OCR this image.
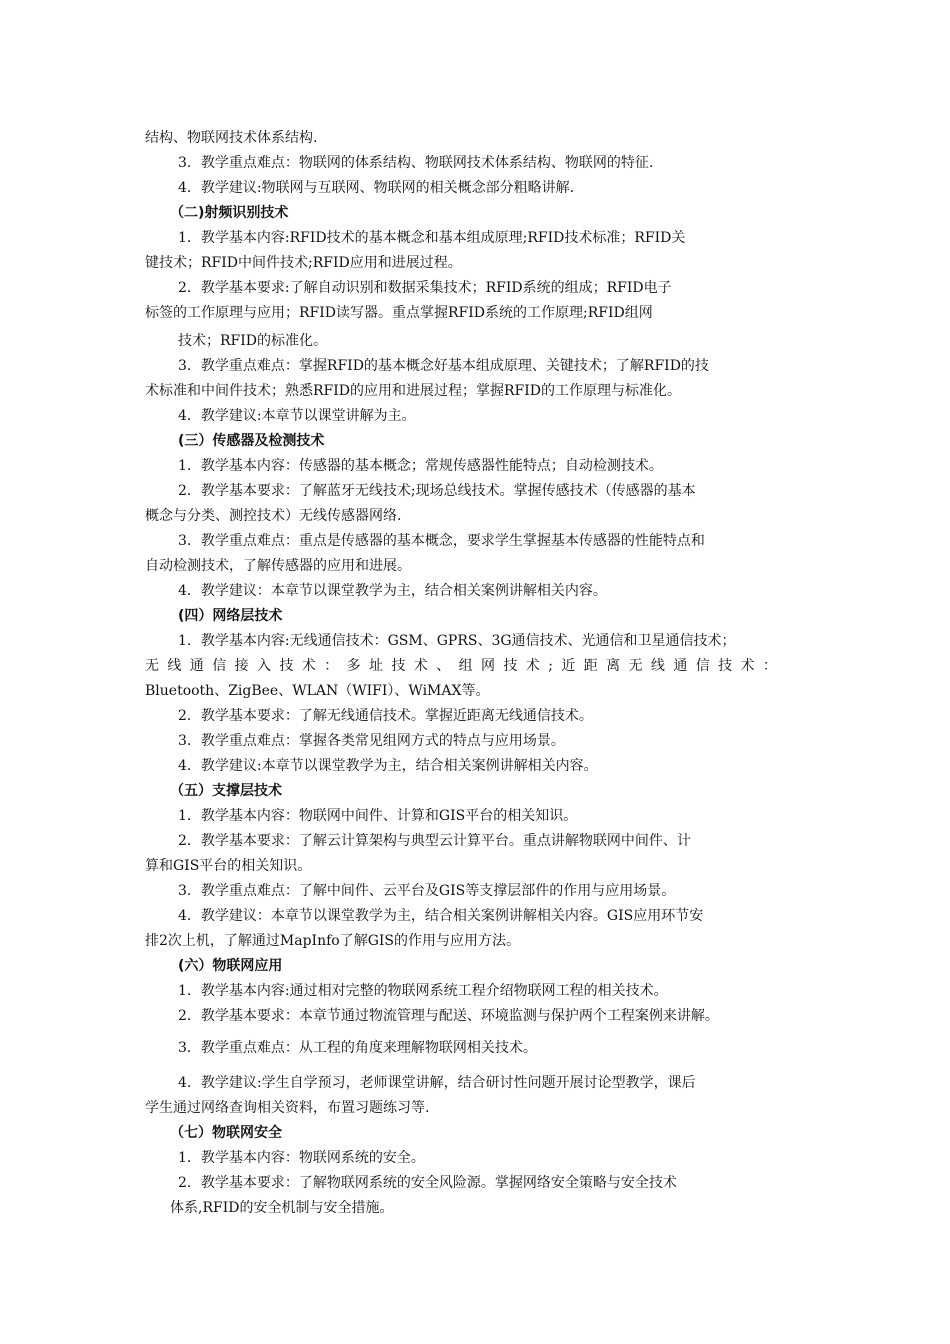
结构、物联网技术体系结构.
3．教学重点难点：物联网的体系结构、物联网技术体系结构、物联网的特征.
4．教学建议:物联网与互联网、物联网的相关概念部分粗略讲解.
（二)射频识别技术
1．教学基本内容:RFID技术的基本概念和基本组成原理;RFID技术标准；RFID关
键技术；RFID中间件技术;RFID应用和进展过程。
2．教学基本要求:了解自动识别和数据采集技术；RFID系统的组成；RFID电子
标签的工作原理与应用；RFID读写器。重点掌握RFID系统的工作原理;RFID组网
技术；RFID的标准化。
3．教学重点难点：掌握RFID的基本概念好基本组成原理、关键技术；了解RFID的技
术标准和中间件技术；熟悉RFID的应用和进展过程；掌握RFID的工作原理与标准化。
4．教学建议:本章节以课堂讲解为主。
(三）传感器及检测技术
1．教学基本内容：传感器的基本概念；常规传感器性能特点；自动检测技术。
2．教学基本要求：了解蓝牙无线技术;现场总线技术。掌握传感技术（传感器的基本
概念与分类、测控技术）无线传感器网络.
3．教学重点难点：重点是传感器的基本概念，要求学生掌握基本传感器的性能特点和
自动检测技术，了解传感器的应用和进展。
4．教学建议：本章节以课堂教学为主，结合相关案例讲解相关内容。
(四）网络层技术
1．教学基本内容:无线通信技术：GSM、GPRS、3G通信技术、光通信和卫星通信技术；
无线通信接入技术：多址技术、组网技术;近距离无线通信技术：
Bluetooth、ZigBee、WLAN（WIFI）、WiMAX等。
2．教学基本要求：了解无线通信技术。掌握近距离无线通信技术。
3．教学重点难点：掌握各类常见组网方式的特点与应用场景。
4．教学建议:本章节以课堂教学为主，结合相关案例讲解相关内容。
（五）支撑层技术
1．教学基本内容：物联网中间件、计算和GIS平台的相关知识。
2．教学基本要求：了解云计算架构与典型云计算平台。重点讲解物联网中间件、计
算和GIS平台的相关知识。
3．教学重点难点：了解中间件、云平台及GIS等支撑层部件的作用与应用场景。
4．教学建议：本章节以课堂教学为主，结合相关案例讲解相关内容。GIS应用环节安
排2次上机，了解通过MapInfo了解GIS的作用与应用方法。
(六）物联网应用
1．教学基本内容:通过相对完整的物联网系统工程介绍物联网工程的相关技术。
2．教学基本要求：本章节通过物流管理与配送、环境监测与保护两个工程案例来讲解。
3．教学重点难点：从工程的角度来理解物联网相关技术。
4．教学建议:学生自学预习，老师课堂讲解，结合研讨性问题开展讨论型教学，课后
学生通过网络查询相关资料，布置习题练习等.
（七）物联网安全
1．教学基本内容：物联网系统的安全。
2．教学基本要求：了解物联网系统的安全风险源。掌握网络安全策略与安全技术
体系,RFID的安全机制与安全措施。
